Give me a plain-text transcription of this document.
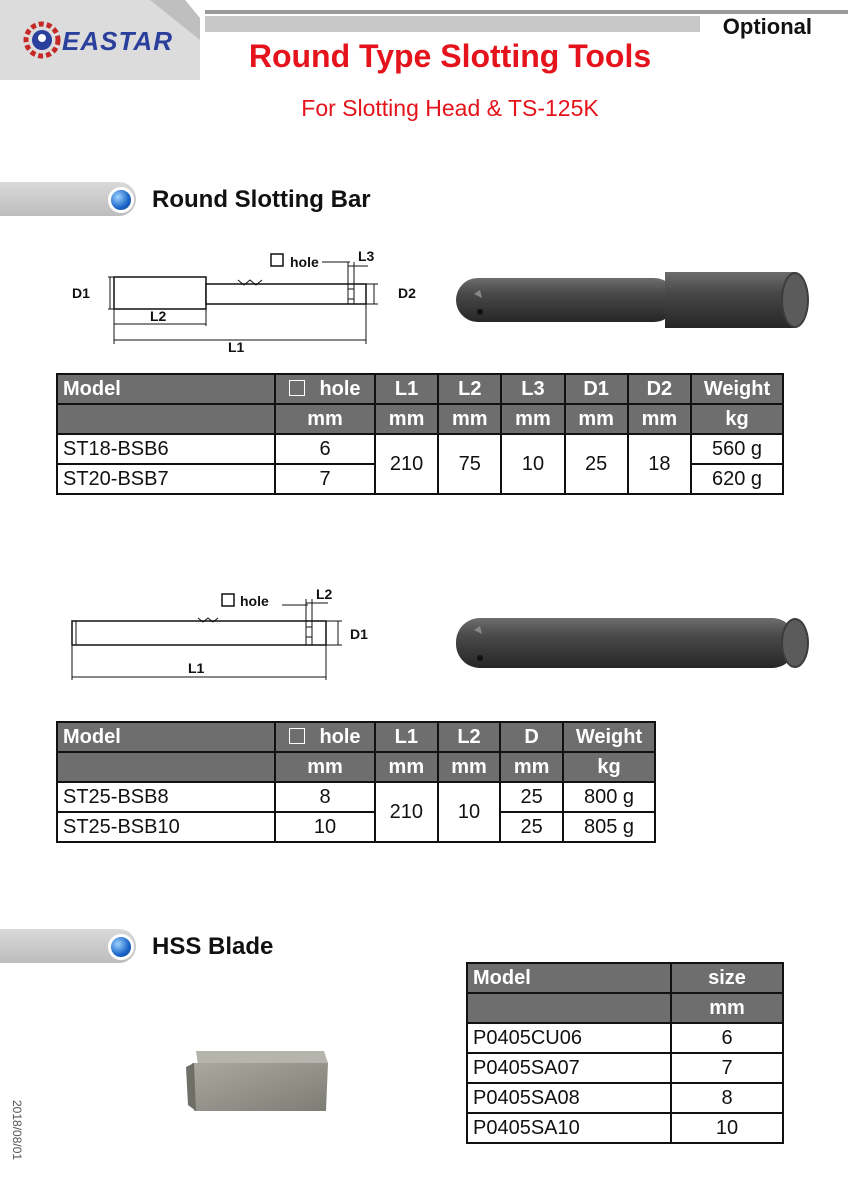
EASTAR	Optional
Round Type Slotting Tools
For Slotting Head & TS-125K
Round Slotting Bar
D1	D2
L2
L1
L3
hole
Model	hole	L1	L2	L3	D1	D2	Weight
	mm	mm	mm	mm	mm	mm	kg
ST18-BSB6	6	210	75	10	25	18	560 g
ST20-BSB7	7						620 g
D1
L1
L2
hole
Model	hole	L1	L2	D	Weight
	mm	mm	mm	mm	kg
ST25-BSB8	8	210	10	25	800 g
ST25-BSB10	10			25	805 g
HSS Blade
Model	size
	mm
P0405CU06	6
P0405SA07	7
P0405SA08	8
P0405SA10	10
2018/08/01
